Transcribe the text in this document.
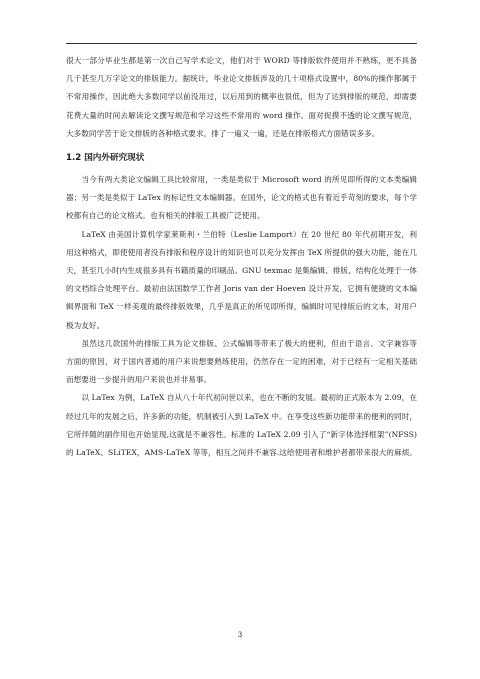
很大一部分毕业生都是第一次自己写学术论文，他们对于 WORD 等排版软件使用并不熟练，更不具备几千甚至几万字论文的排版能力。据统计，毕业论文排版涉及的几十项格式设置中，80%的操作都属于不常用操作，因此绝大多数同学以前没用过，以后用到的概率也很低，但为了达到排版的规范，却需要花费大量的时间去解读论文撰写规范和学习这些不常用的 word 操作。面对捉摸不透的论文撰写规范，大多数同学苦于论文排版的各种格式要求，排了一遍又一遍，还是在排版格式方面错误多多。

1.2 国内外研究现状

当今有两大类论文编辑工具比较常用，一类是类似于 Microsoft word 的所见即所得的文本类编辑器；另一类是类似于 LaTex 的标记性文本编辑器。在国外，论文的格式也有着近乎苛刻的要求，每个学校都有自己的论文格式。也有相关的排版工具被广泛使用。

LaTeX 由美国计算机学家莱斯利・兰伯特（Leslie Lamport）在 20 世纪 80 年代初期开发，利用这种格式，即使使用者没有排版和程序设计的知识也可以充分发挥由 TeX 所提供的强大功能，能在几天，甚至几小时内生成很多具有书籍质量的印刷品。GNU texmac 是集编辑、排版、结构化处理于一体的文档综合处理平台。最初由法国数学工作者 Joris van der Hoeven 设计开发，它拥有便捷的文本编辑界面和 TeX 一样美观的最终排版效果，几乎是真正的所见即所得，编辑时可见排版后的文本，对用户极为友好。

虽然这几款国外的排版工具为论文排版、公式编辑等带来了极大的便利，但由于语言、文字兼容等方面的原因，对于国内普通的用户来说想要熟练使用，仍然存在一定的困难，对于已经有一定相关基础而想要进一步提升的用户来说也并非易事。

以 LaTex 为例，LaTeX 自从八十年代初问世以来，也在不断的发展。最初的正式版本为 2.09，在经过几年的发展之后，许多新的功能，机制被引入到 LaTeX 中。在享受这些新功能带来的便利的同时，它所伴随的副作用也开始显现,这就是不兼容性。标准的 LaTeX 2.09 引入了“新字体选择框架”(NFSS)的 LaTeX、SLiTEX，AMS-LaTeX 等等，相互之间并不兼容.这给使用者和维护者都带来很大的麻烦。

3
